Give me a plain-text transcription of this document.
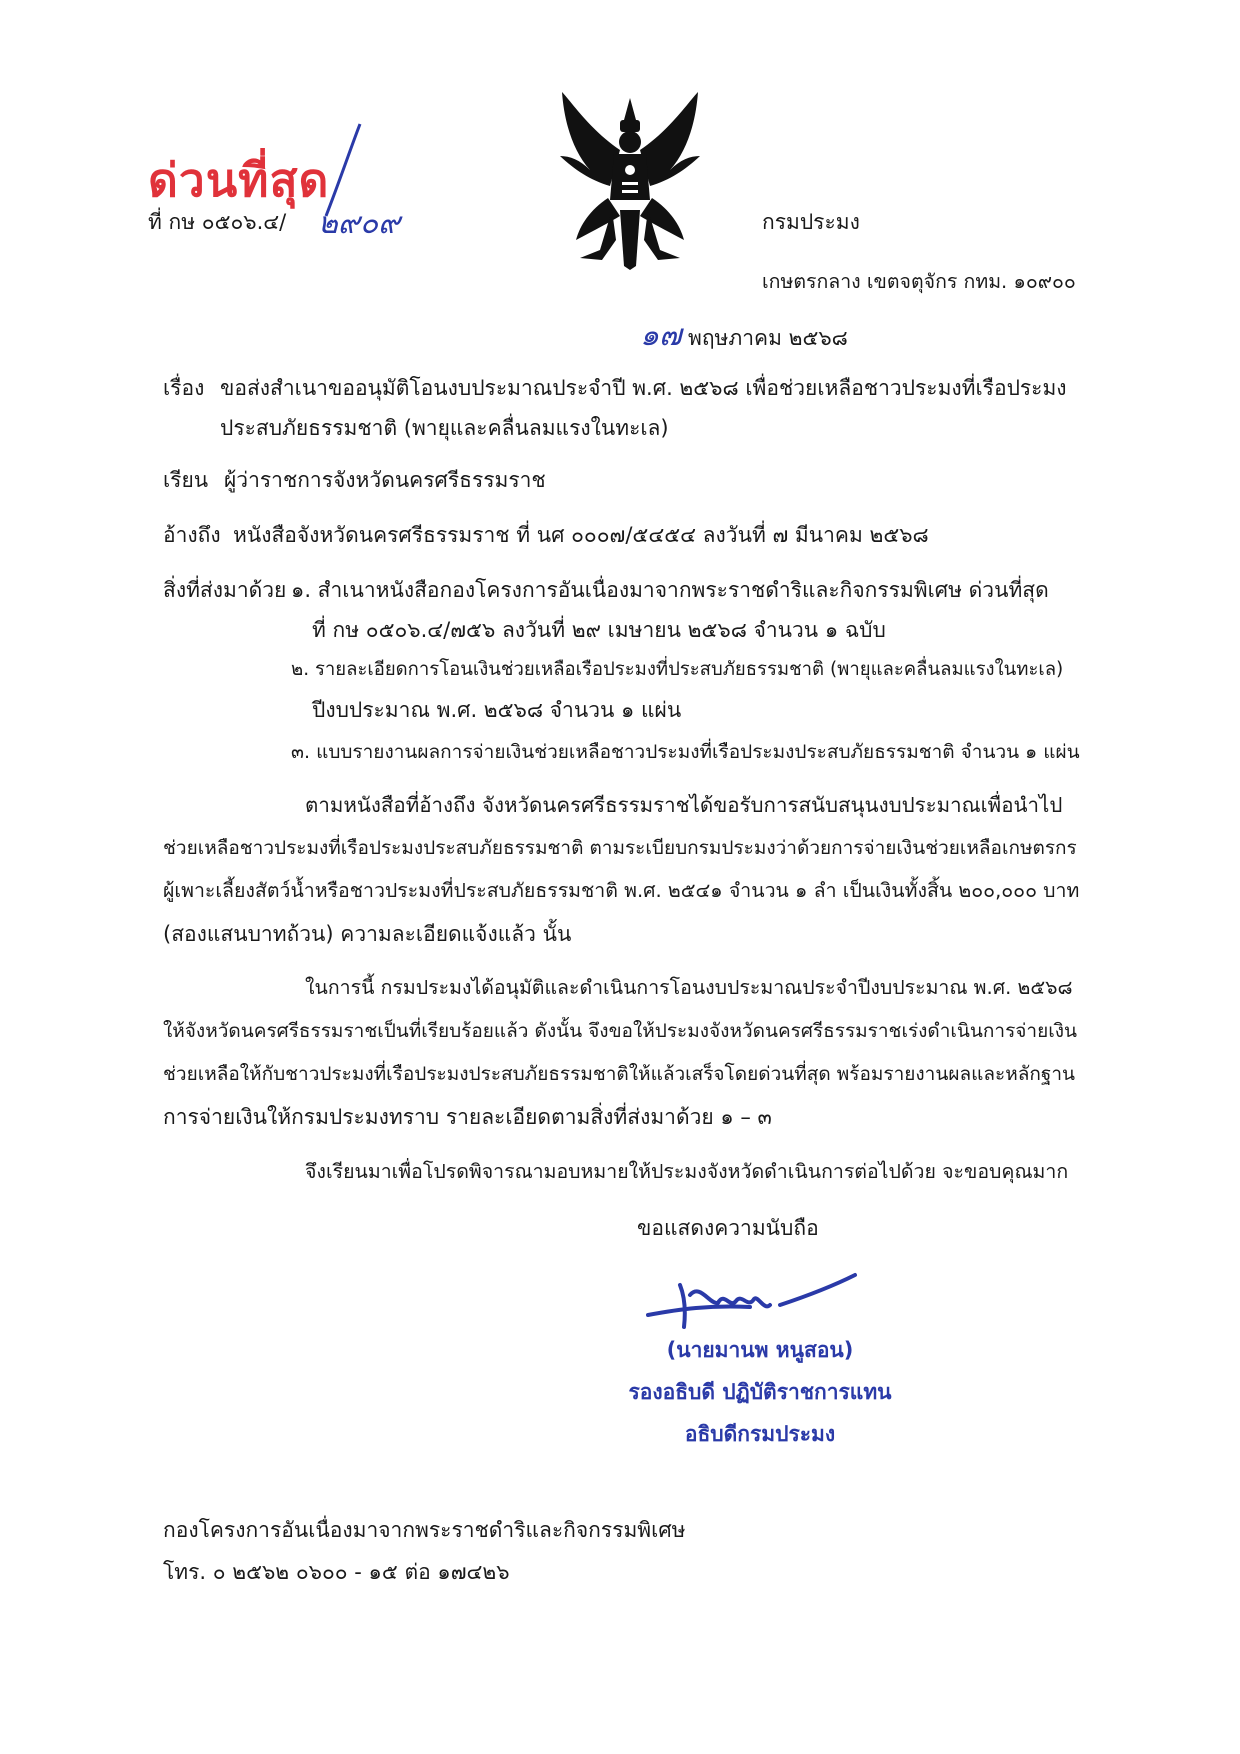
ด่วนที่สุด
ที่ กษ ๐๕๐๖.๔/ ๒๙๐๙	กรมประมง
เกษตรกลาง เขตจตุจักร กทม. ๑๐๙๐๐
๑๗ พฤษภาคม ๒๕๖๘
เรื่อง ขอส่งสำเนาขออนุมัติโอนงบประมาณประจำปี พ.ศ. ๒๕๖๘ เพื่อช่วยเหลือชาวประมงที่เรือประมง
ประสบภัยธรรมชาติ (พายุและคลื่นลมแรงในทะเล)
เรียน ผู้ว่าราชการจังหวัดนครศรีธรรมราช
อ้างถึง หนังสือจังหวัดนครศรีธรรมราช ที่ นศ ๐๐๐๗/๕๔๕๔ ลงวันที่ ๗ มีนาคม ๒๕๖๘
สิ่งที่ส่งมาด้วย ๑. สำเนาหนังสือกองโครงการอันเนื่องมาจากพระราชดำริและกิจกรรมพิเศษ ด่วนที่สุด
ที่ กษ ๐๕๐๖.๔/๗๕๖ ลงวันที่ ๒๙ เมษายน ๒๕๖๘ จำนวน ๑ ฉบับ
๒. รายละเอียดการโอนเงินช่วยเหลือเรือประมงที่ประสบภัยธรรมชาติ (พายุและคลื่นลมแรงในทะเล)
ปีงบประมาณ พ.ศ. ๒๕๖๘ จำนวน ๑ แผ่น
๓. แบบรายงานผลการจ่ายเงินช่วยเหลือชาวประมงที่เรือประมงประสบภัยธรรมชาติ จำนวน ๑ แผ่น
ตามหนังสือที่อ้างถึง จังหวัดนครศรีธรรมราชได้ขอรับการสนับสนุนงบประมาณเพื่อนำไป
ช่วยเหลือชาวประมงที่เรือประมงประสบภัยธรรมชาติ ตามระเบียบกรมประมงว่าด้วยการจ่ายเงินช่วยเหลือเกษตรกร
ผู้เพาะเลี้ยงสัตว์น้ำหรือชาวประมงที่ประสบภัยธรรมชาติ พ.ศ. ๒๕๔๑ จำนวน ๑ ลำ เป็นเงินทั้งสิ้น ๒๐๐,๐๐๐ บาท
(สองแสนบาทถ้วน) ความละเอียดแจ้งแล้ว นั้น
ในการนี้ กรมประมงได้อนุมัติและดำเนินการโอนงบประมาณประจำปีงบประมาณ พ.ศ. ๒๕๖๘
ให้จังหวัดนครศรีธรรมราชเป็นที่เรียบร้อยแล้ว ดังนั้น จึงขอให้ประมงจังหวัดนครศรีธรรมราชเร่งดำเนินการจ่ายเงิน
ช่วยเหลือให้กับชาวประมงที่เรือประมงประสบภัยธรรมชาติให้แล้วเสร็จโดยด่วนที่สุด พร้อมรายงานผลและหลักฐาน
การจ่ายเงินให้กรมประมงทราบ รายละเอียดตามสิ่งที่ส่งมาด้วย ๑ – ๓
จึงเรียนมาเพื่อโปรดพิจารณามอบหมายให้ประมงจังหวัดดำเนินการต่อไปด้วย จะขอบคุณมาก
ขอแสดงความนับถือ
(นายมานพ หนูสอน)
รองอธิบดี ปฏิบัติราชการแทน
อธิบดีกรมประมง
กองโครงการอันเนื่องมาจากพระราชดำริและกิจกรรมพิเศษ
โทร. ๐ ๒๕๖๒ ๐๖๐๐ - ๑๕ ต่อ ๑๗๔๒๖
